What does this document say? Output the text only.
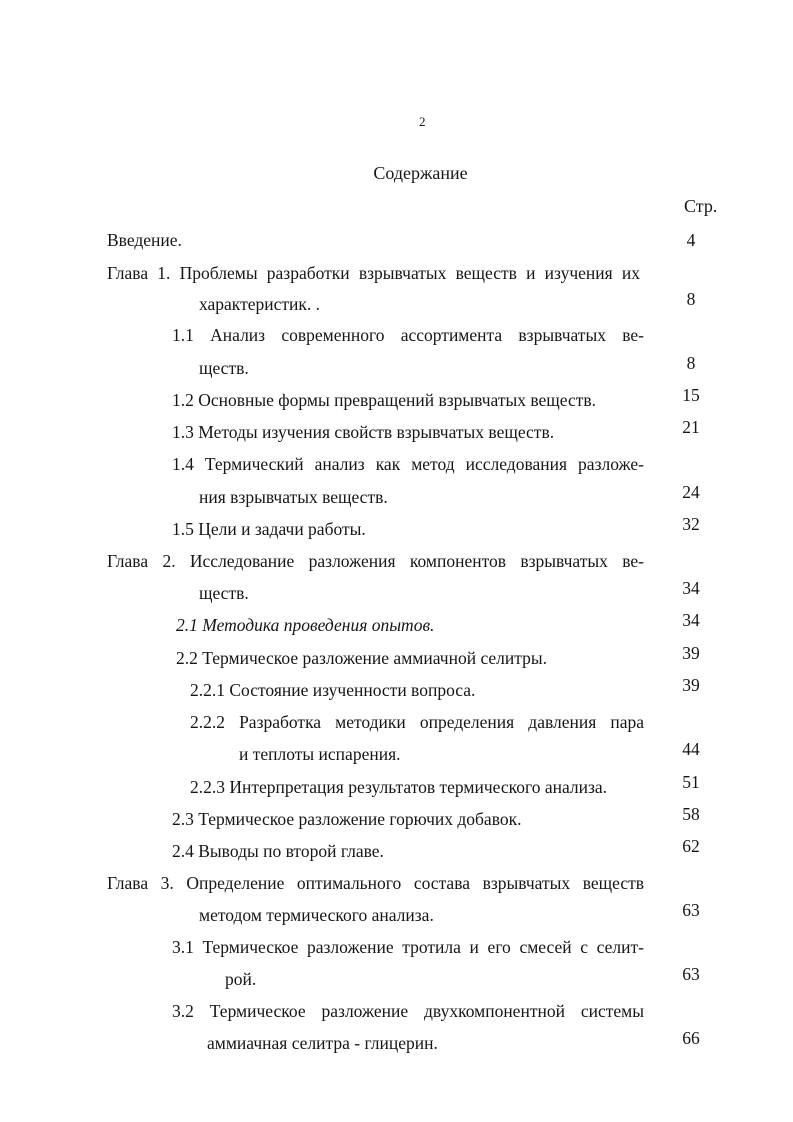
2
Содержание
Стр.
Введение.	4
Глава 1. Проблемы разработки взрывчатых веществ и изучения их
характеристик. .	8
1.1 Анализ современного ассортимента взрывчатых ве-
ществ.	8
1.2 Основные формы превращений взрывчатых веществ.	15
1.3 Методы изучения свойств взрывчатых веществ.	21
1.4 Термический анализ как метод исследования разложе-
ния взрывчатых веществ.	24
1.5 Цели и задачи работы.	32
Глава 2. Исследование разложения компонентов взрывчатых ве-
ществ.	34
2.1 Методика проведения опытов.	34
2.2 Термическое разложение аммиачной селитры.	39
2.2.1 Состояние изученности вопроса.	39
2.2.2 Разработка методики определения давления пара
и теплоты испарения.	44
2.2.3 Интерпретация результатов термического анализа.	51
2.3 Термическое разложение горючих добавок.	58
2.4 Выводы по второй главе.	62
Глава 3. Определение оптимального состава взрывчатых веществ
методом термического анализа.	63
3.1 Термическое разложение тротила и его смесей с селит-
рой.	63
3.2 Термическое разложение двухкомпонентной системы
аммиачная селитра - глицерин.	66
